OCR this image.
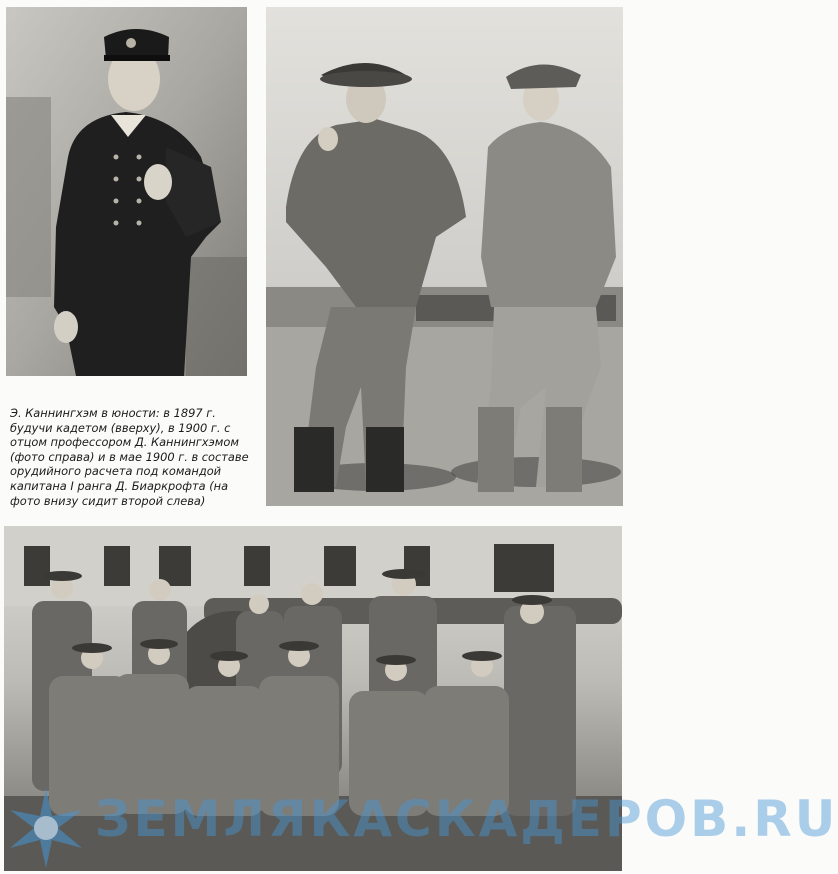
Э. Каннингхэм в юности: в 1897 г. будучи кадетом (вверху), в 1900 г. с отцом профессором Д. Каннингхэмом (фото справа) и в мае 1900 г. в составе орудийного расчета под командой капитана I ранга Д. Биаркрофта (на фото внизу сидит второй слева)
ЗЕМЛЯКАСКАДЕРОВ.RU
